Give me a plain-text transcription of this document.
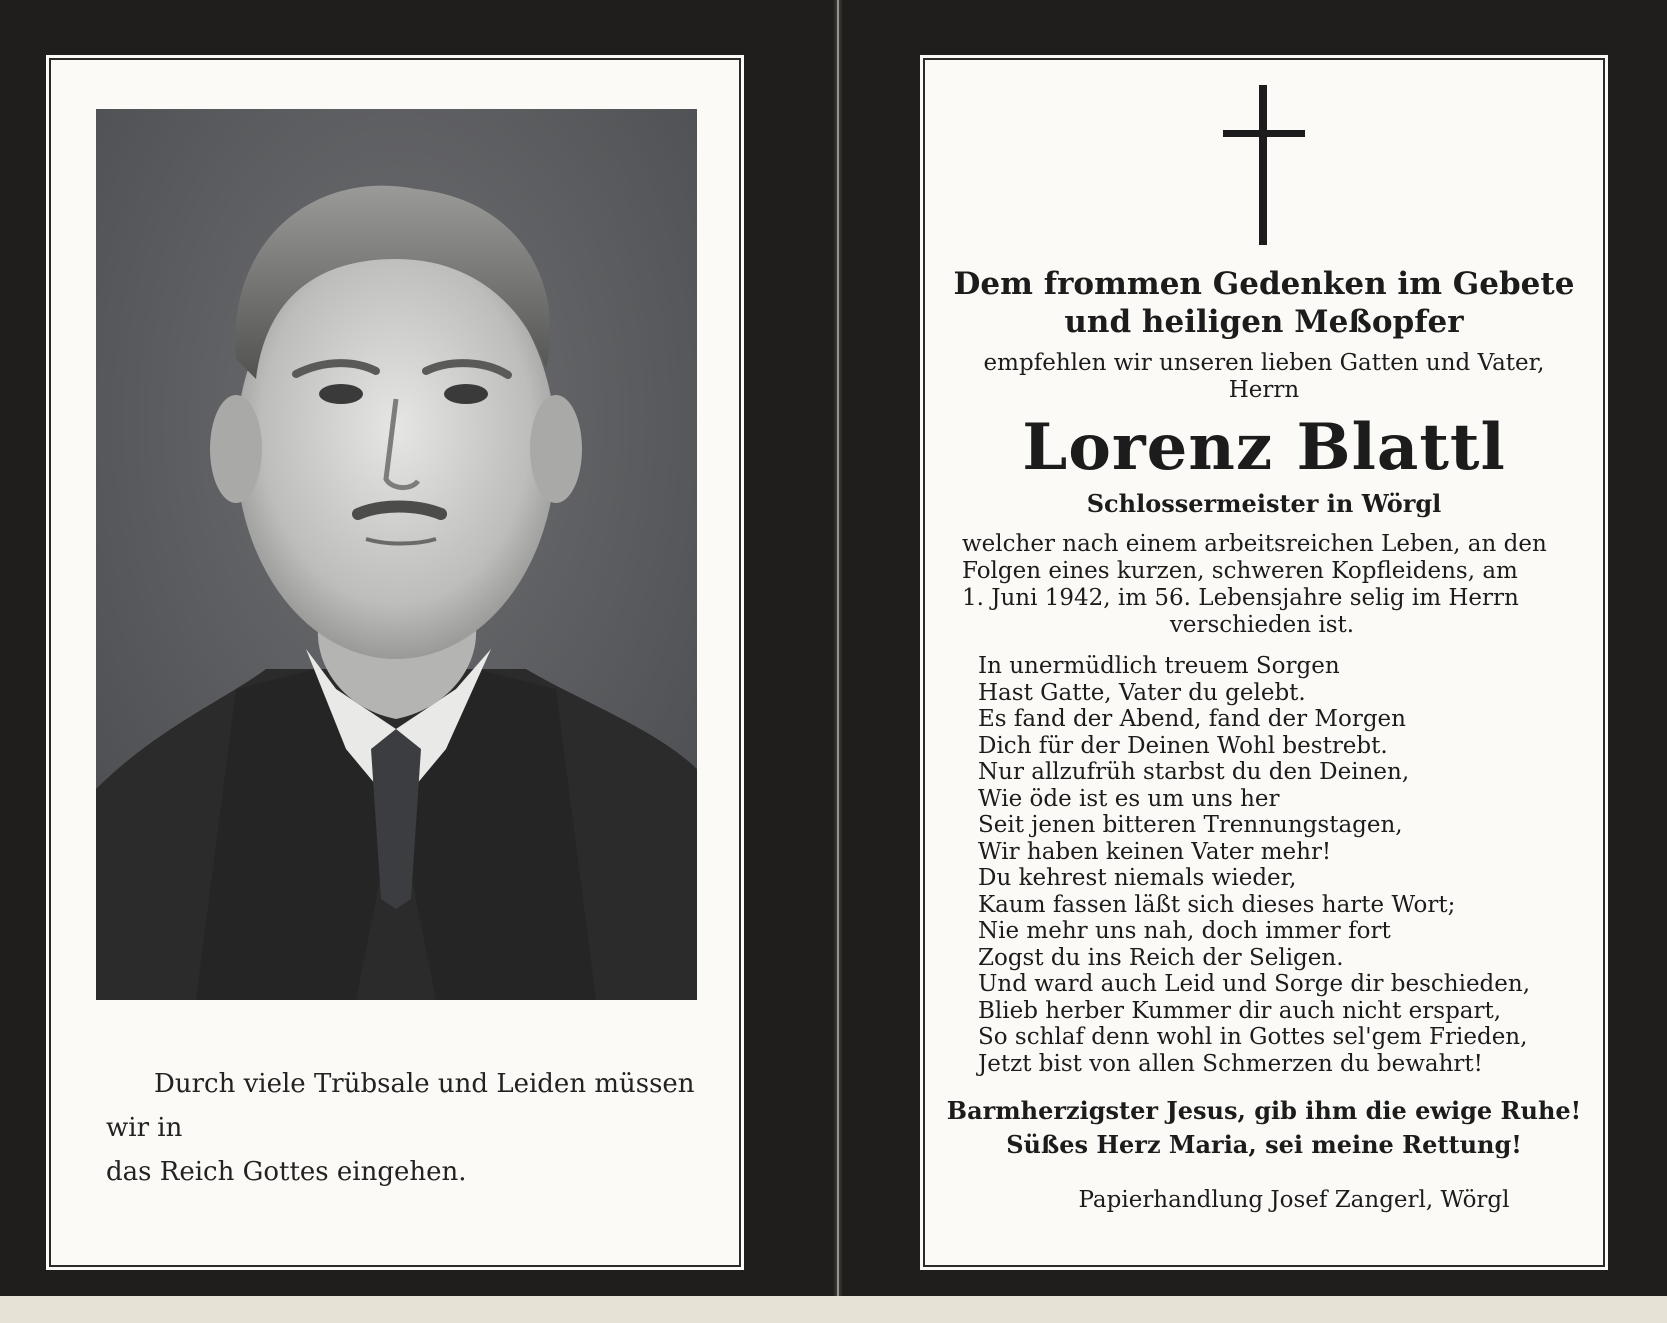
Durch viele Trübsale und Leiden müssen wir in
das Reich Gottes eingehen.
Dem frommen Gedenken im Gebete
und heiligen Meßopfer
empfehlen wir unseren lieben Gatten und Vater,
Herrn
Lorenz Blattl
Schlossermeister in Wörgl
welcher nach einem arbeitsreichen Leben, an den
Folgen eines kurzen, schweren Kopfleidens, am
1. Juni 1942, im 56. Lebensjahre selig im Herrn
verschieden ist.
In unermüdlich treuem Sorgen
Hast Gatte, Vater du gelebt.
Es fand der Abend, fand der Morgen
Dich für der Deinen Wohl bestrebt.
Nur allzufrüh starbst du den Deinen,
Wie öde ist es um uns her
Seit jenen bitteren Trennungstagen,
Wir haben keinen Vater mehr!
Du kehrest niemals wieder,
Kaum fassen läßt sich dieses harte Wort;
Nie mehr uns nah, doch immer fort
Zogst du ins Reich der Seligen.
Und ward auch Leid und Sorge dir beschieden,
Blieb herber Kummer dir auch nicht erspart,
So schlaf denn wohl in Gottes sel'gem Frieden,
Jetzt bist von allen Schmerzen du bewahrt!
Barmherzigster Jesus, gib ihm die ewige Ruhe!
Süßes Herz Maria, sei meine Rettung!
Papierhandlung Josef Zangerl, Wörgl
